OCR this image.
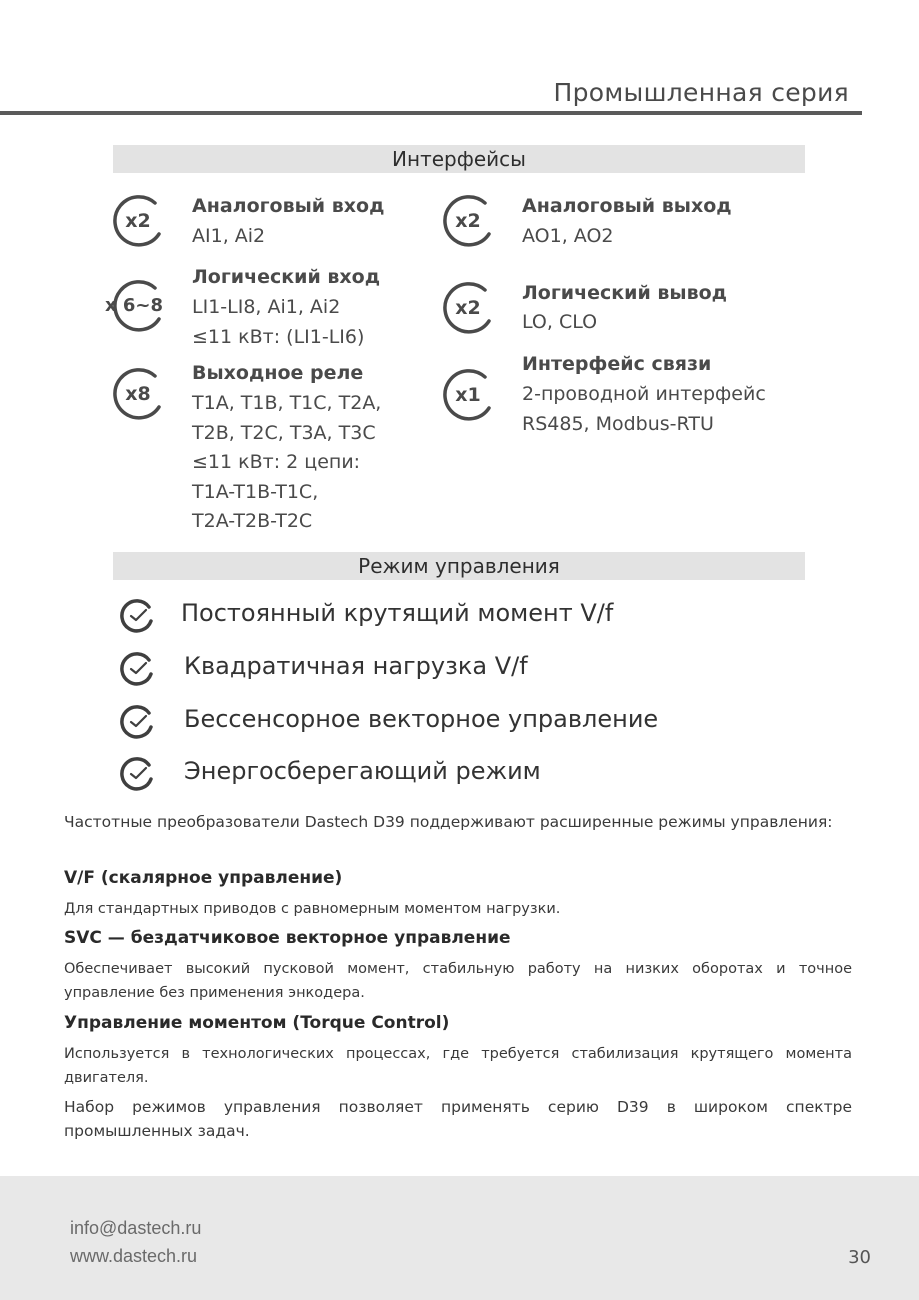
Промышленная серия
Интерфейсы
x2
Аналоговый вход
AI1, Ai2
x 6~8
Логический вход
LI1-LI8, Ai1, Ai2
≤11 кВт: (LI1-LI6)
x8
Выходное реле
T1A, T1B, T1C, T2A,
T2B, T2C, T3A, T3C
≤11 кВт: 2 цепи:
T1A-T1B-T1C,
T2A-T2B-T2C
x2
Аналоговый выход
AO1, AO2
x2
Логический вывод
LO, CLO
x1
Интерфейс связи
2-проводной интерфейс
RS485, Modbus-RTU
Режим управления
Постоянный крутящий момент V/f
Квадратичная нагрузка V/f
Бессенсорное векторное управление
Энергосберегающий режим
Частотные преобразователи Dastech D39 поддерживают расширенные режимы управления:
V/F (скалярное управление)
Для стандартных приводов с равномерным моментом нагрузки.
SVC — бездатчиковое векторное управление
Обеспечивает высокий пусковой момент, стабильную работу на низких оборотах и точное управление без применения энкодера.
Управление моментом (Torque Control)
Используется в технологических процессах, где требуется стабилизация крутящего момента двигателя.
Набор режимов управления позволяет применять серию D39 в широком спектре промышленных задач.
info@dastech.ru
www.dastech.ru	30
